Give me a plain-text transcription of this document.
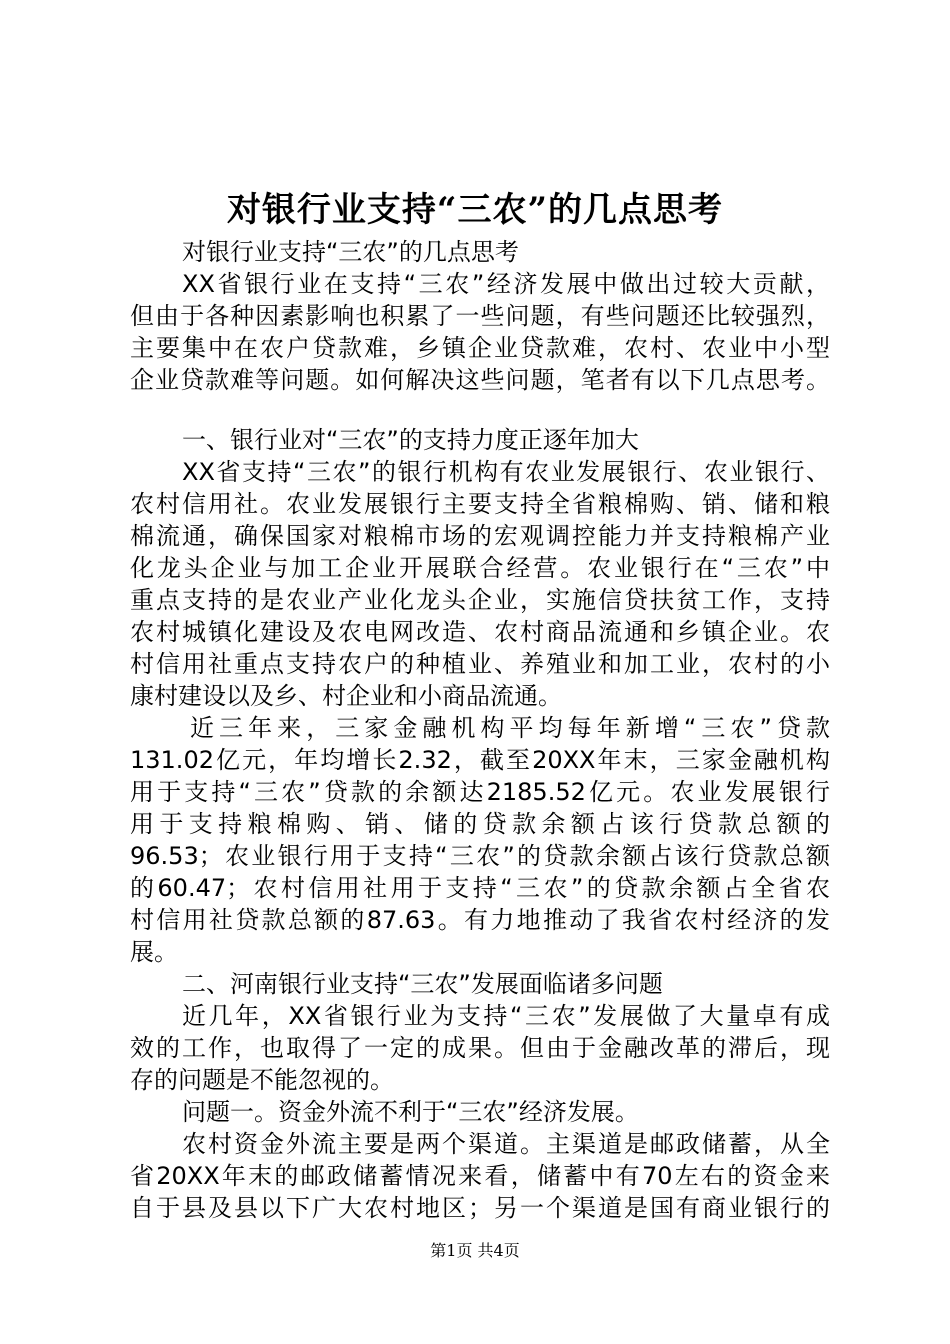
对银行业支持“三农”的几点思考
对银行业支持“三农”的几点思考
XX省银行业在支持“三农”经济发展中做出过较大贡献，
但由于各种因素影响也积累了一些问题，有些问题还比较强烈，
主要集中在农户贷款难，乡镇企业贷款难，农村、农业中小型
企业贷款难等问题。如何解决这些问题，笔者有以下几点思考。
一、银行业对“三农”的支持力度正逐年加大
XX省支持“三农”的银行机构有农业发展银行、农业银行、
农村信用社。农业发展银行主要支持全省粮棉购、销、储和粮
棉流通，确保国家对粮棉市场的宏观调控能力并支持粮棉产业
化龙头企业与加工企业开展联合经营。农业银行在“三农”中
重点支持的是农业产业化龙头企业，实施信贷扶贫工作，支持
农村城镇化建设及农电网改造、农村商品流通和乡镇企业。农
村信用社重点支持农户的种植业、养殖业和加工业，农村的小
康村建设以及乡、村企业和小商品流通。
近三年来，三家金融机构平均每年新增“三农”贷款
131.02亿元，年均增长2.32，截至20XX年末，三家金融机构
用于支持“三农”贷款的余额达2185.52亿元。农业发展银行
用于支持粮棉购、销、储的贷款余额占该行贷款总额的
96.53；农业银行用于支持“三农”的贷款余额占该行贷款总额
的60.47；农村信用社用于支持“三农”的贷款余额占全省农
村信用社贷款总额的87.63。有力地推动了我省农村经济的发
展。
二、河南银行业支持“三农”发展面临诸多问题
近几年，XX省银行业为支持“三农”发展做了大量卓有成
效的工作，也取得了一定的成果。但由于金融改革的滞后，现
存的问题是不能忽视的。
问题一。资金外流不利于“三农”经济发展。
农村资金外流主要是两个渠道。主渠道是邮政储蓄，从全
省20XX年末的邮政储蓄情况来看，储蓄中有70左右的资金来
自于县及县以下广大农村地区；另一个渠道是国有商业银行的
第1页 共4页
